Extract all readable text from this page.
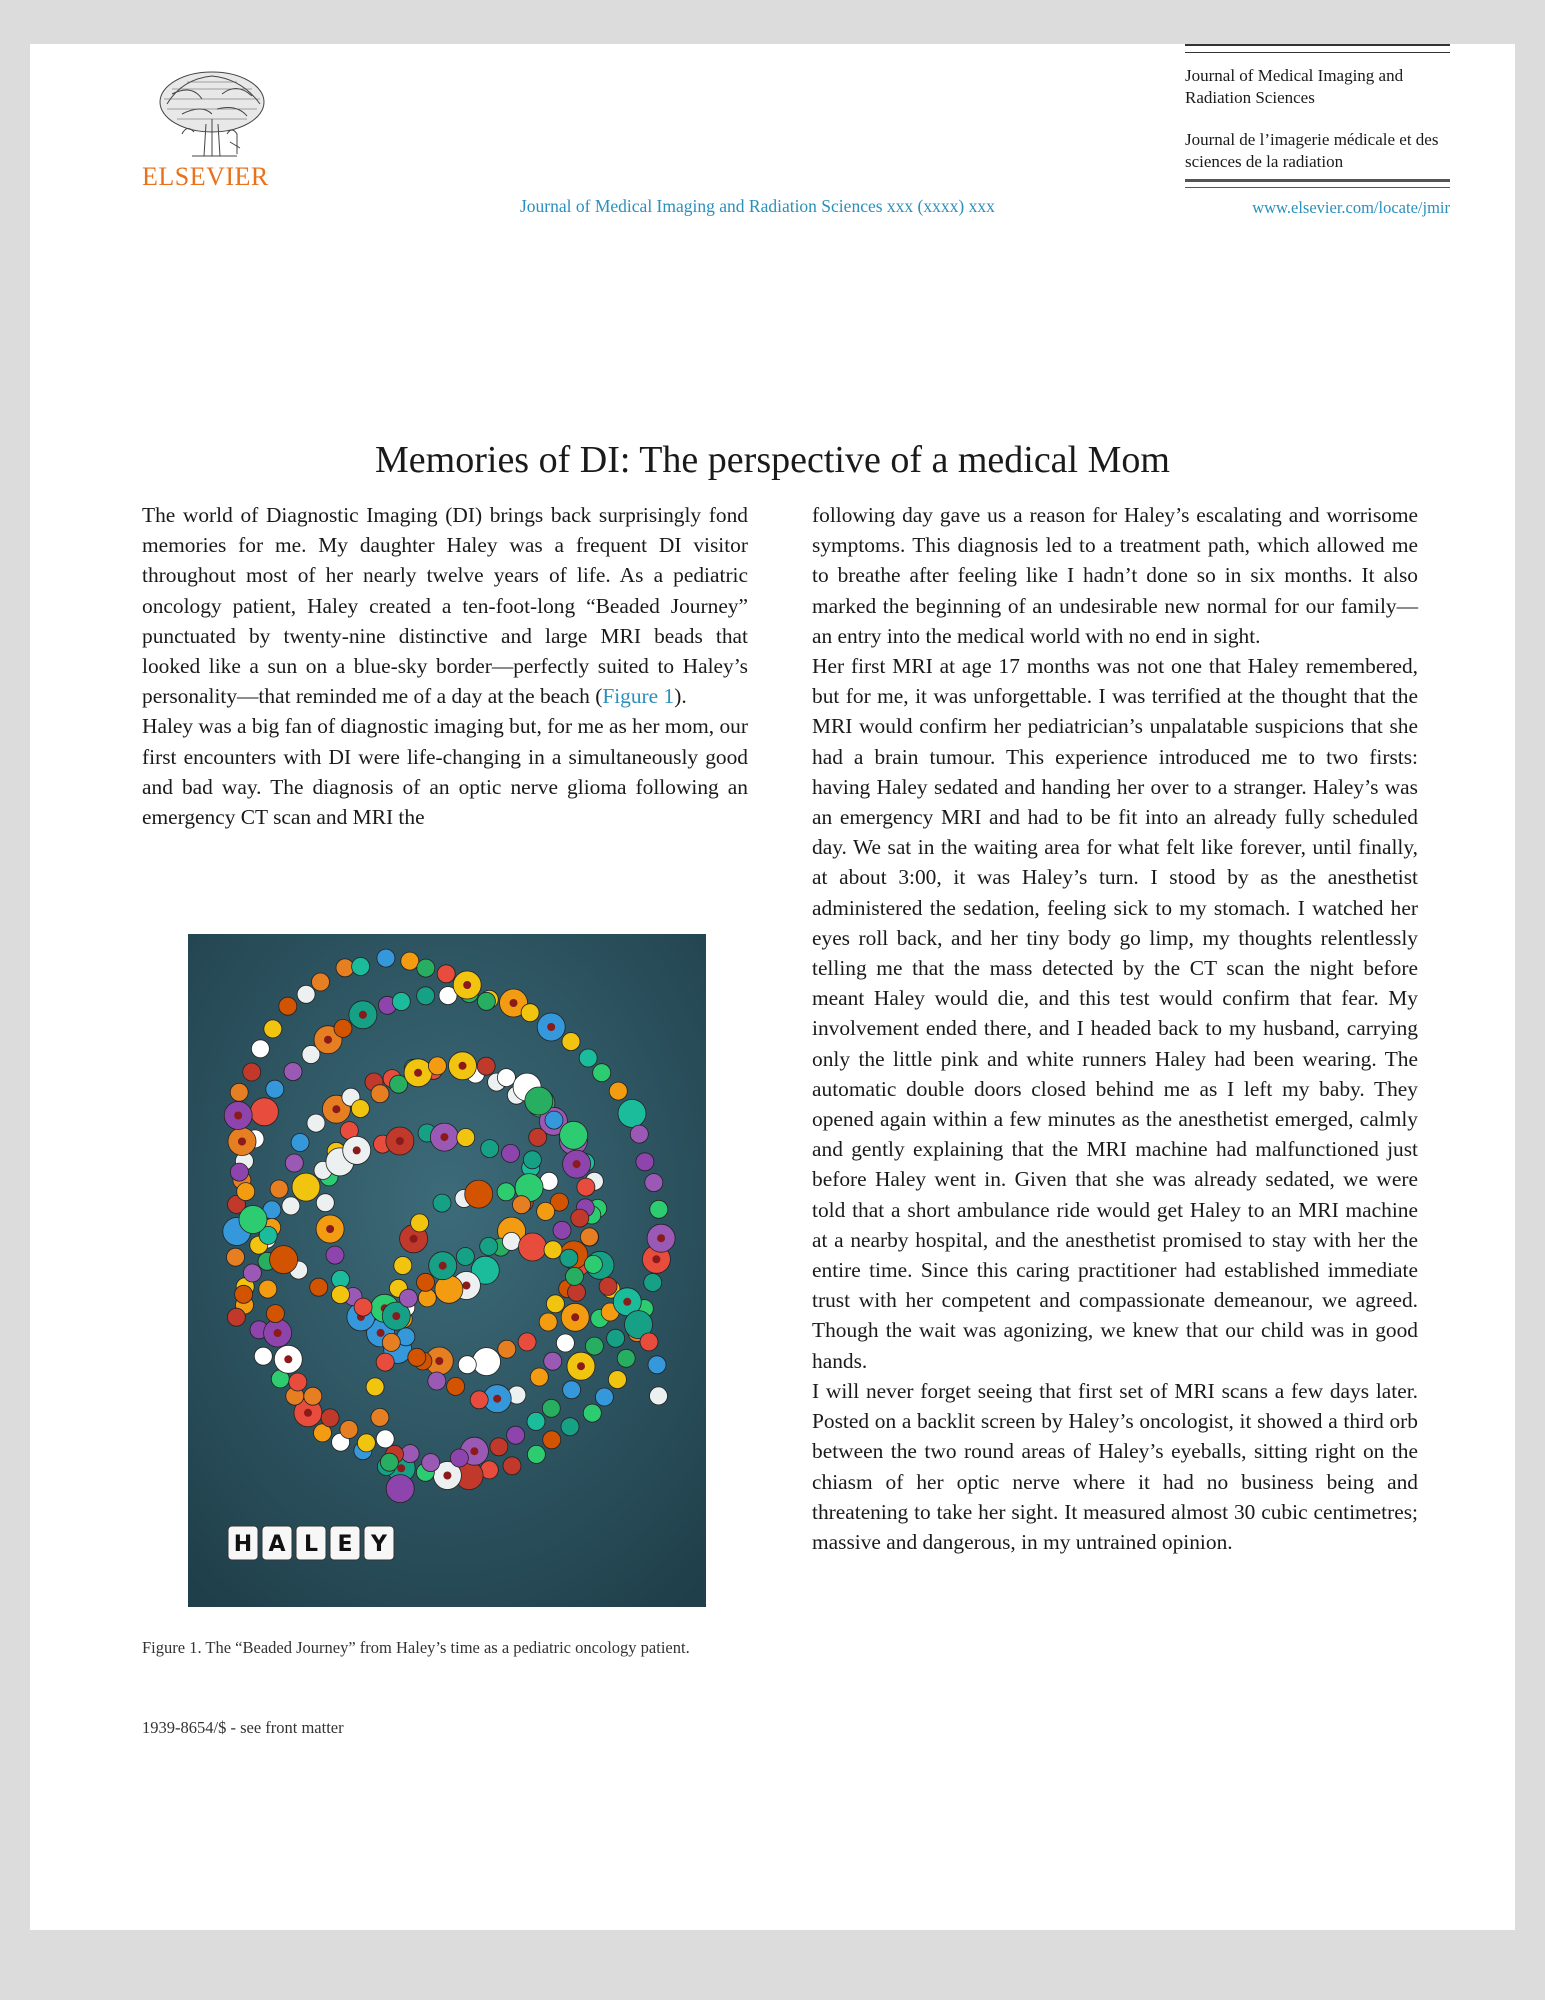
ELSEVIER
Journal of Medical Imaging and Radiation Sciences xxx (xxxx) xxx
Journal of Medical Imaging and Radiation Sciences
Journal de l’imagerie médicale et des sciences de la radiation
www.elsevier.com/locate/jmir
Memories of DI: The perspective of a medical Mom

The world of Diagnostic Imaging (DI) brings back surprisingly fond memories for me. My daughter Haley was a frequent DI visitor throughout most of her nearly twelve years of life. As a pediatric oncology patient, Haley created a ten-foot-long “Beaded Journey” punctuated by twenty-nine distinctive and large MRI beads that looked like a sun on a blue-sky border—perfectly suited to Haley’s personality—that reminded me of a day at the beach (Figure 1).

Haley was a big fan of diagnostic imaging but, for me as her mom, our first encounters with DI were life-changing in a simultaneously good and bad way. The diagnosis of an optic nerve glioma following an emergency CT scan and MRI the

H A L E Y
Figure 1. The “Beaded Journey” from Haley’s time as a pediatric oncology patient.

following day gave us a reason for Haley’s escalating and worrisome symptoms. This diagnosis led to a treatment path, which allowed me to breathe after feeling like I hadn’t done so in six months. It also marked the beginning of an undesirable new normal for our family—an entry into the medical world with no end in sight.

Her first MRI at age 17 months was not one that Haley remembered, but for me, it was unforgettable. I was terrified at the thought that the MRI would confirm her pediatrician’s unpalatable suspicions that she had a brain tumour. This experience introduced me to two firsts: having Haley sedated and handing her over to a stranger. Haley’s was an emergency MRI and had to be fit into an already fully scheduled day. We sat in the waiting area for what felt like forever, until finally, at about 3:00, it was Haley’s turn. I stood by as the anesthetist administered the sedation, feeling sick to my stomach. I watched her eyes roll back, and her tiny body go limp, my thoughts relentlessly telling me that the mass detected by the CT scan the night before meant Haley would die, and this test would confirm that fear. My involvement ended there, and I headed back to my husband, carrying only the little pink and white runners Haley had been wearing. The automatic double doors closed behind me as I left my baby. They opened again within a few minutes as the anesthetist emerged, calmly and gently explaining that the MRI machine had malfunctioned just before Haley went in. Given that she was already sedated, we were told that a short ambulance ride would get Haley to an MRI machine at a nearby hospital, and the anesthetist promised to stay with her the entire time. Since this caring practitioner had established immediate trust with her competent and compassionate demeanour, we agreed. Though the wait was agonizing, we knew that our child was in good hands.

I will never forget seeing that first set of MRI scans a few days later. Posted on a backlit screen by Haley’s oncologist, it showed a third orb between the two round areas of Haley’s eyeballs, sitting right on the chiasm of her optic nerve where it had no business being and threatening to take her sight. It measured almost 30 cubic centimetres; massive and dangerous, in my untrained opinion.

1939-8654/$ - see front matter
